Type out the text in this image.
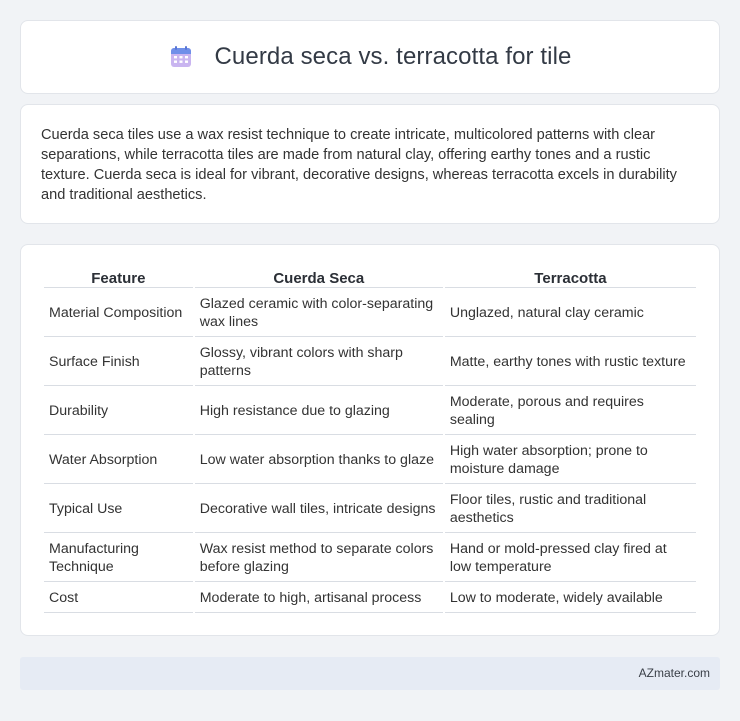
Cuerda seca vs. terracotta for tile

Cuerda seca tiles use a wax resist technique to create intricate, multicolored patterns with clear separations, while terracotta tiles are made from natural clay, offering earthy tones and a rustic texture. Cuerda seca is ideal for vibrant, decorative designs, whereas terracotta excels in durability and traditional aesthetics.

Feature	Cuerda Seca	Terracotta
Material Composition	Glazed ceramic with color-separating wax lines	Unglazed, natural clay ceramic
Surface Finish	Glossy, vibrant colors with sharp patterns	Matte, earthy tones with rustic texture
Durability	High resistance due to glazing	Moderate, porous and requires sealing
Water Absorption	Low water absorption thanks to glaze	High water absorption; prone to moisture damage
Typical Use	Decorative wall tiles, intricate designs	Floor tiles, rustic and traditional aesthetics
Manufacturing Technique	Wax resist method to separate colors before glazing	Hand or mold-pressed clay fired at low temperature
Cost	Moderate to high, artisanal process	Low to moderate, widely available
AZmater.com
